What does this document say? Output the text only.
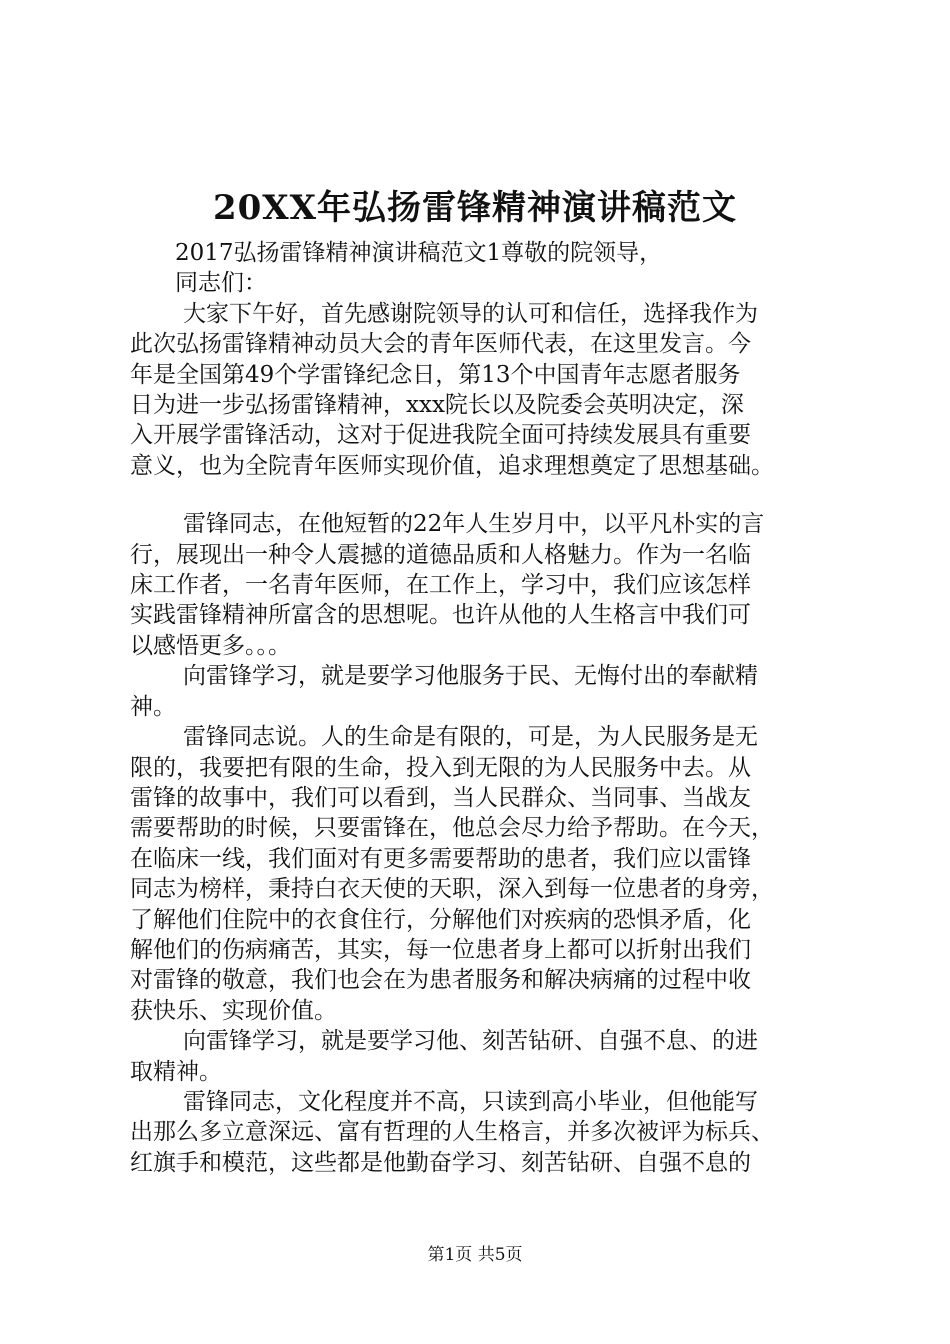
20XX年弘扬雷锋精神演讲稿范文
2017弘扬雷锋精神演讲稿范文1尊敬的院领导，
同志们：
大家下午好，首先感谢院领导的认可和信任，选择我作为
此次弘扬雷锋精神动员大会的青年医师代表，在这里发言。今
年是全国第49个学雷锋纪念日，第13个中国青年志愿者服务
日为进一步弘扬雷锋精神，xxx院长以及院委会英明决定，深
入开展学雷锋活动，这对于促进我院全面可持续发展具有重要
意义，也为全院青年医师实现价值，追求理想奠定了思想基础。
雷锋同志，在他短暂的22年人生岁月中，以平凡朴实的言
行，展现出一种令人震撼的道德品质和人格魅力。作为一名临
床工作者，一名青年医师，在工作上，学习中，我们应该怎样
实践雷锋精神所富含的思想呢。也许从他的人生格言中我们可
以感悟更多。。。
向雷锋学习，就是要学习他服务于民、无悔付出的奉献精
神。
雷锋同志说。人的生命是有限的，可是，为人民服务是无
限的，我要把有限的生命，投入到无限的为人民服务中去。从
雷锋的故事中，我们可以看到，当人民群众、当同事、当战友
需要帮助的时候，只要雷锋在，他总会尽力给予帮助。在今天，
在临床一线，我们面对有更多需要帮助的患者，我们应以雷锋
同志为榜样，秉持白衣天使的天职，深入到每一位患者的身旁，
了解他们住院中的衣食住行，分解他们对疾病的恐惧矛盾，化
解他们的伤病痛苦，其实，每一位患者身上都可以折射出我们
对雷锋的敬意，我们也会在为患者服务和解决病痛的过程中收
获快乐、实现价值。
向雷锋学习，就是要学习他、刻苦钻研、自强不息、的进
取精神。
雷锋同志，文化程度并不高，只读到高小毕业，但他能写
出那么多立意深远、富有哲理的人生格言，并多次被评为标兵、
红旗手和模范，这些都是他勤奋学习、刻苦钻研、自强不息的
第1页 共5页
